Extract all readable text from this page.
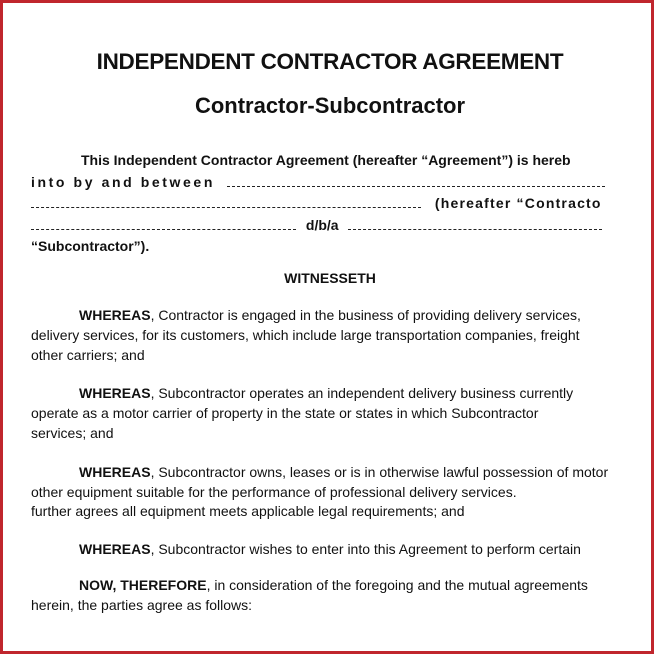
INDEPENDENT CONTRACTOR AGREEMENT
Contractor-Subcontractor
This Independent Contractor Agreement (hereafter “Agreement”) is hereb
into by and between
(hereafter “Contracto
d/b/a
“Subcontractor”).
WITNESSETH
WHEREAS, Contractor is engaged in the business of providing delivery services,
delivery services, for its customers, which include large transportation companies, freight
other carriers; and
WHEREAS, Subcontractor operates an independent delivery business currently
operate as a motor carrier of property in the state or states in which Subcontractor
services; and
WHEREAS, Subcontractor owns, leases or is in otherwise lawful possession of motor
other equipment suitable for the performance of professional delivery services.
further agrees all equipment meets applicable legal requirements; and
WHEREAS, Subcontractor wishes to enter into this Agreement to perform certain
NOW, THEREFORE, in consideration of the foregoing and the mutual agreements
herein, the parties agree as follows:
